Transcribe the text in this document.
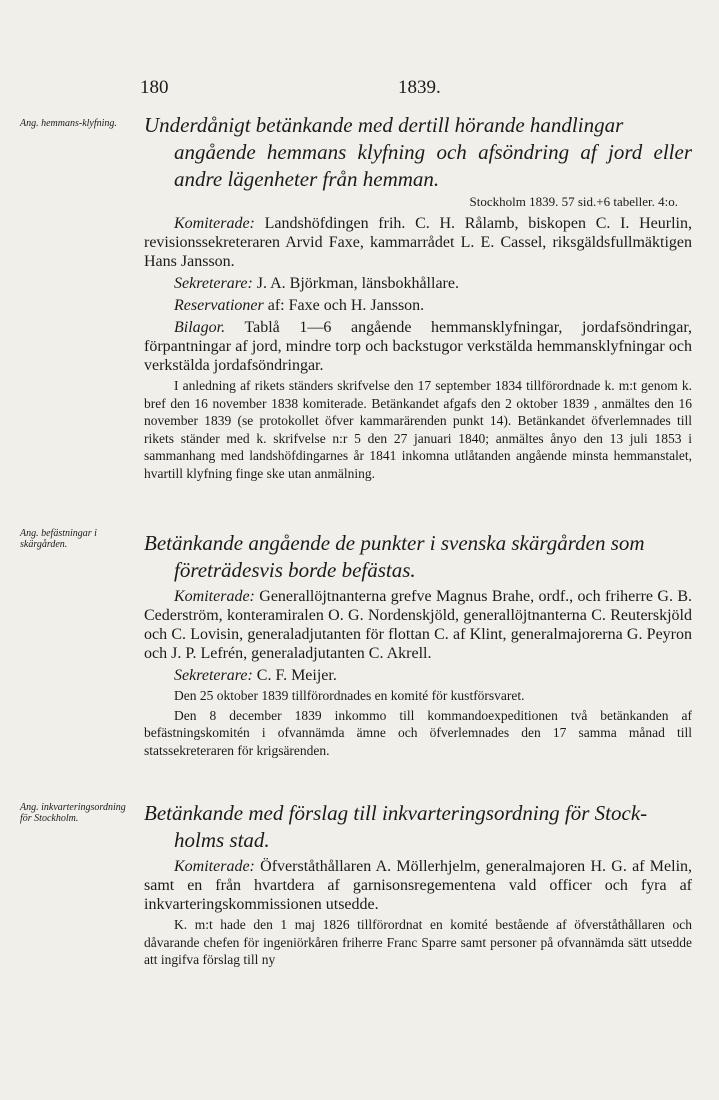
180	1839.
Ang. hemmans-klyfning.	Underdånigt betänkande med dertill hörande handlingar
angående hemmans klyfning och afsöndring af jord eller andre lägenheter från hemman.
Stockholm 1839. 57 sid.+6 tabeller. 4:o.

Komiterade: Landshöfdingen frih. C. H. Rålamb, biskopen C. I. Heurlin, revisionssekreteraren Arvid Faxe, kammarrådet L. E. Cassel, riksgäldsfullmäktigen Hans Jansson.

Sekreterare: J. A. Björkman, länsbokhållare.

Reservationer af: Faxe och H. Jansson.

Bilagor. Tablå 1—6 angående hemmansklyfningar, jordafsöndringar, förpantningar af jord, mindre torp och backstugor verkstälda hemmansklyfningar och verkstälda jordafsöndringar.

I anledning af rikets ständers skrifvelse den 17 september 1834 tillförordnade k. m:t genom k. bref den 16 november 1838 komiterade. Betänkandet afgafs den 2 oktober 1839 , anmältes den 16 november 1839 (se protokollet öfver kammarärenden punkt 14). Betänkandet öfverlemnades till rikets ständer med k. skrifvelse n:r 5 den 27 januari 1840; anmältes ånyo den 13 juli 1853 i sammanhang med landshöfdingarnes år 1841 inkomna utlåtanden angående minsta hemmanstalet, hvartill klyfning finge ske utan anmälning.

Ang. befästningar i skärgården.	Betänkande angående de punkter i svenska skärgården som
företrädesvis borde befästas.

Komiterade: Generallöjtnanterna grefve Magnus Brahe, ordf., och friherre G. B. Cederström, konteramiralen O. G. Nordenskjöld, generallöjtnanterna C. Reuterskjöld och C. Lovisin, generaladjutanten för flottan C. af Klint, generalmajorerna G. Peyron och J. P. Lefrén, generaladjutanten C. Akrell.

Sekreterare: C. F. Meijer.

Den 25 oktober 1839 tillförordnades en komité för kustförsvaret.

Den 8 december 1839 inkommo till kommandoexpeditionen två betänkanden af befästningskomitén i ofvannämda ämne och öfverlemnades den 17 samma månad till statssekreteraren för krigsärenden.

Ang. inkvarteringsordning för Stockholm.	Betänkande med förslag till inkvarteringsordning för Stock-
holms stad.

Komiterade: Öfverståthållaren A. Möllerhjelm, generalmajoren H. G. af Melin, samt en från hvartdera af garnisonsregementena vald officer och fyra af inkvarteringskommissionen utsedde.

K. m:t hade den 1 maj 1826 tillförordnat en komité bestående af öfverståthållaren och dåvarande chefen för ingeniörkåren friherre Franc Sparre samt personer på ofvannämda sätt utsedde att ingifva förslag till ny
